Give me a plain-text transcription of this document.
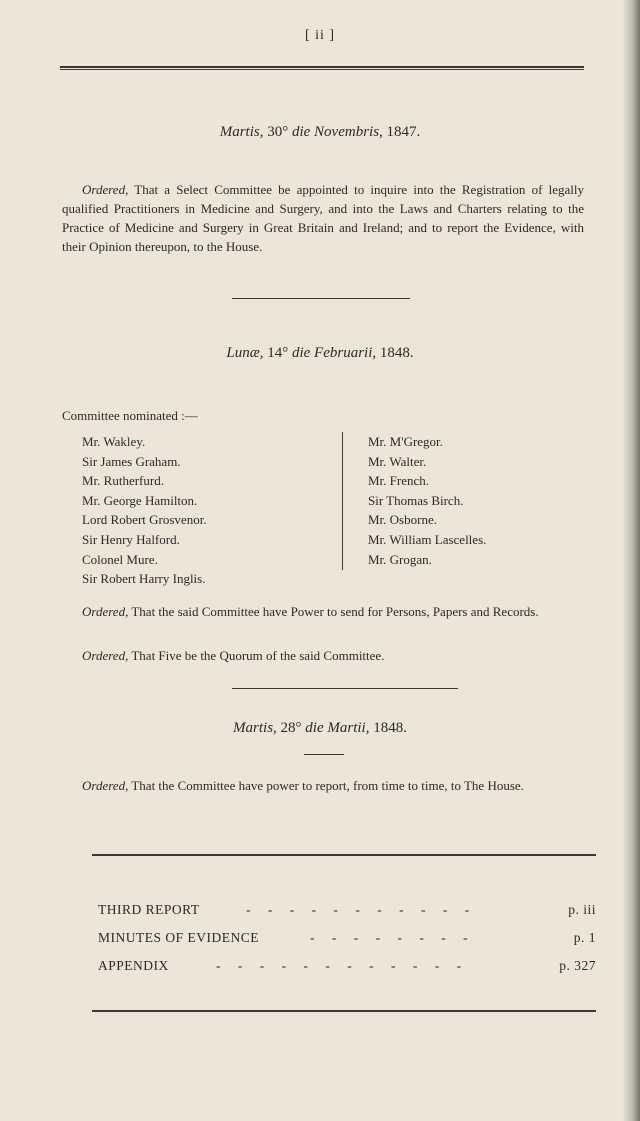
[ ii ]
Martis, 30° die Novembris, 1847.
Ordered, That a Select Committee be appointed to inquire into the Registration of legally qualified Practitioners in Medicine and Surgery, and into the Laws and Charters relating to the Practice of Medicine and Surgery in Great Britain and Ireland; and to report the Evidence, with their Opinion thereupon, to the House.
Lunæ, 14° die Februarii, 1848.
Committee nominated :—
Mr. Wakley.
Sir James Graham.
Mr. Rutherfurd.
Mr. George Hamilton.
Lord Robert Grosvenor.
Sir Henry Halford.
Colonel Mure.
Sir Robert Harry Inglis.
Mr. M'Gregor.
Mr. Walter.
Mr. French.
Sir Thomas Birch.
Mr. Osborne.
Mr. William Lascelles.
Mr. Grogan.
Ordered, That the said Committee have Power to send for Persons, Papers and Records.
Ordered, That Five be the Quorum of the said Committee.
Martis, 28° die Martii, 1848.
Ordered, That the Committee have power to report, from time to time, to The House.
THIRD REPORT	- - - - - - - - - - -	p. iii
MINUTES OF EVIDENCE	- - - - - - - -	p. 1
APPENDIX	- - - - - - - - - - - -	p. 327
